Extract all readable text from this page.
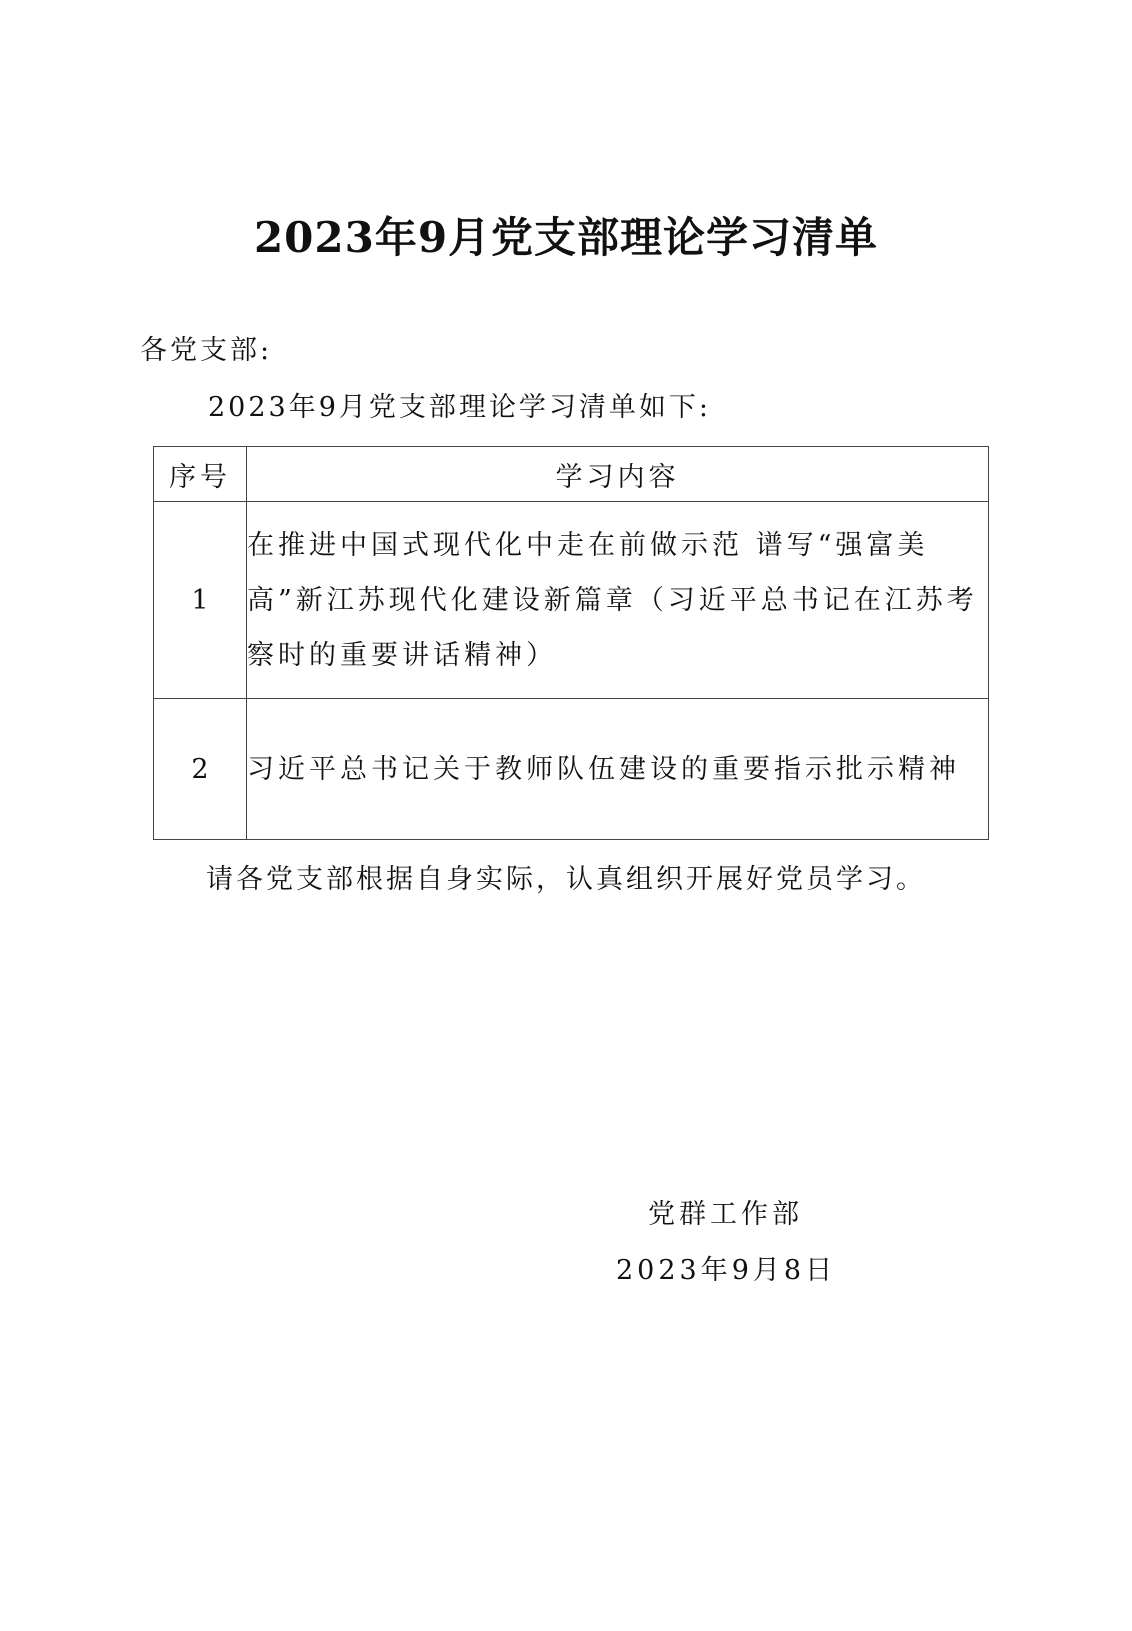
2023年9月党支部理论学习清单
各党支部:
2023年9月党支部理论学习清单如下:
序号	学习内容
1	在推进中国式现代化中走在前做示范 谱写“强富美高”新江苏现代化建设新篇章（习近平总书记在江苏考察时的重要讲话精神）
2	习近平总书记关于教师队伍建设的重要指示批示精神
请各党支部根据自身实际，认真组织开展好党员学习。
党群工作部
2023年9月8日
